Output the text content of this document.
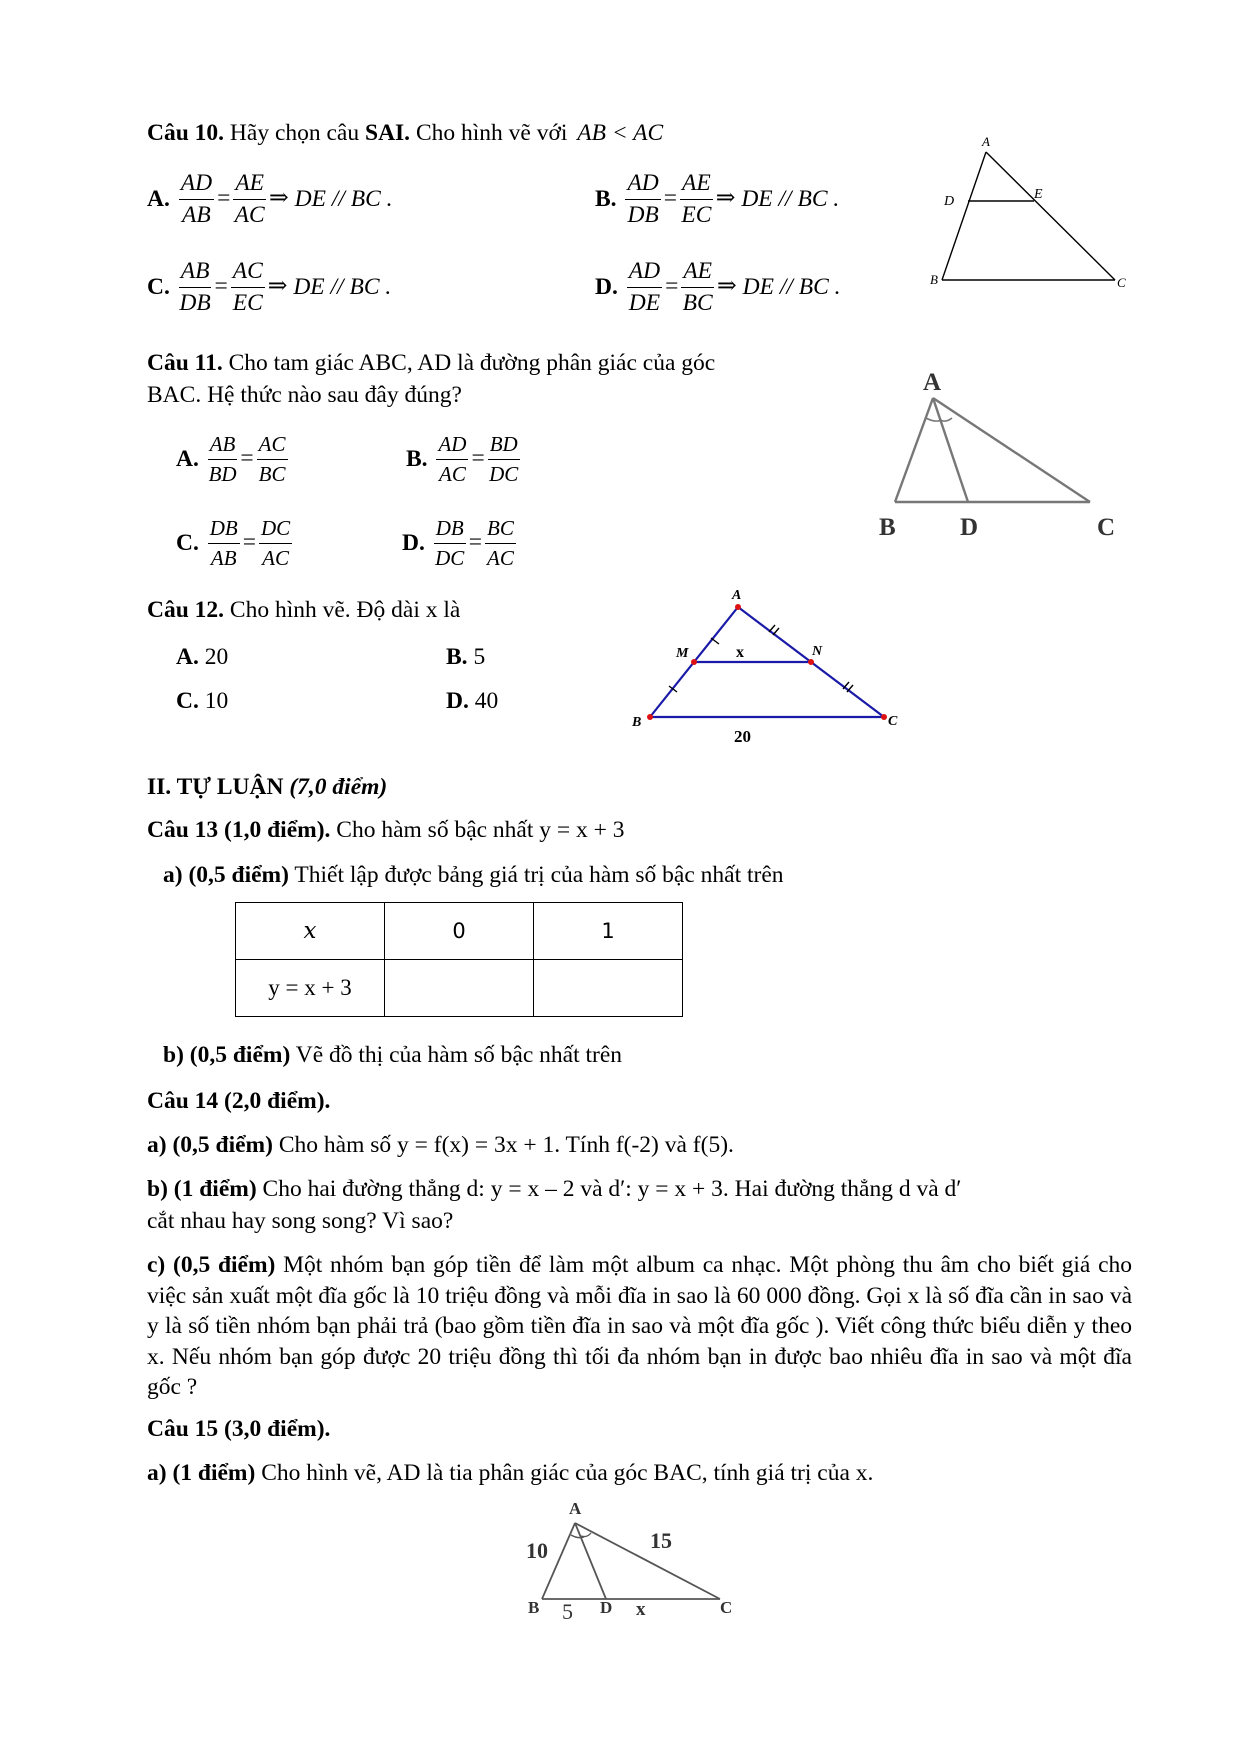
Câu 10. Hãy chọn câu SAI. Cho hình vẽ với AB < AC
A. $\frac{AD}{AB} = \frac{AE}{AC}$ ⇒ DE // BC .	B. $\frac{AD}{DB} = \frac{AE}{EC}$ ⇒ DE // BC .
C. $\frac{AB}{DB} = \frac{AC}{EC}$ ⇒ DE // BC .	D. $\frac{AD}{DE} = \frac{AE}{BC}$ ⇒ DE // BC .
A
D	E
B	C
Câu 11. Cho tam giác ABC, AD là đường phân giác của góc
BAC. Hệ thức nào sau đây đúng?
A. $\frac{AB}{BD} = \frac{AC}{BC}$	B. $\frac{AD}{AC} = \frac{BD}{DC}$
C. $\frac{DB}{AB} = \frac{DC}{AC}$	D. $\frac{DB}{DC} = \frac{BC}{AC}$
A
B	D	C
Câu 12. Cho hình vẽ. Độ dài x là
A. 20	B. 5
C. 10	D. 40
A
M	N
B	C
x
20
II. TỰ LUẬN (7,0 điểm)
Câu 13 (1,0 điểm). Cho hàm số bậc nhất y = x + 3
a) (0,5 điểm) Thiết lập được bảng giá trị của hàm số bậc nhất trên
x	0	1
y = x + 3		
b) (0,5 điểm) Vẽ đồ thị của hàm số bậc nhất trên
Câu 14 (2,0 điểm).
a) (0,5 điểm) Cho hàm số y = f(x) = 3x + 1. Tính f(-2) và f(5).
b) (1 điểm) Cho hai đường thẳng d: y = x – 2 và d′: y = x + 3. Hai đường thẳng d và d′
cắt nhau hay song song? Vì sao?
c) (0,5 điểm) Một nhóm bạn góp tiền để làm một album ca nhạc. Một phòng thu âm cho biết giá cho việc sản xuất một đĩa gốc là 10 triệu đồng và mỗi đĩa in sao là 60 000 đồng. Gọi x là số đĩa cần in sao và y là số tiền nhóm bạn phải trả (bao gồm tiền đĩa in sao và một đĩa gốc ). Viết công thức biểu diễn y theo x. Nếu nhóm bạn góp được 20 triệu đồng thì tối đa nhóm bạn in được bao nhiêu đĩa in sao và một đĩa gốc ?
Câu 15 (3,0 điểm).
a) (1 điểm) Cho hình vẽ, AD là tia phân giác của góc BAC, tính giá trị của x.
A
B	D	C
10	15
5	x
